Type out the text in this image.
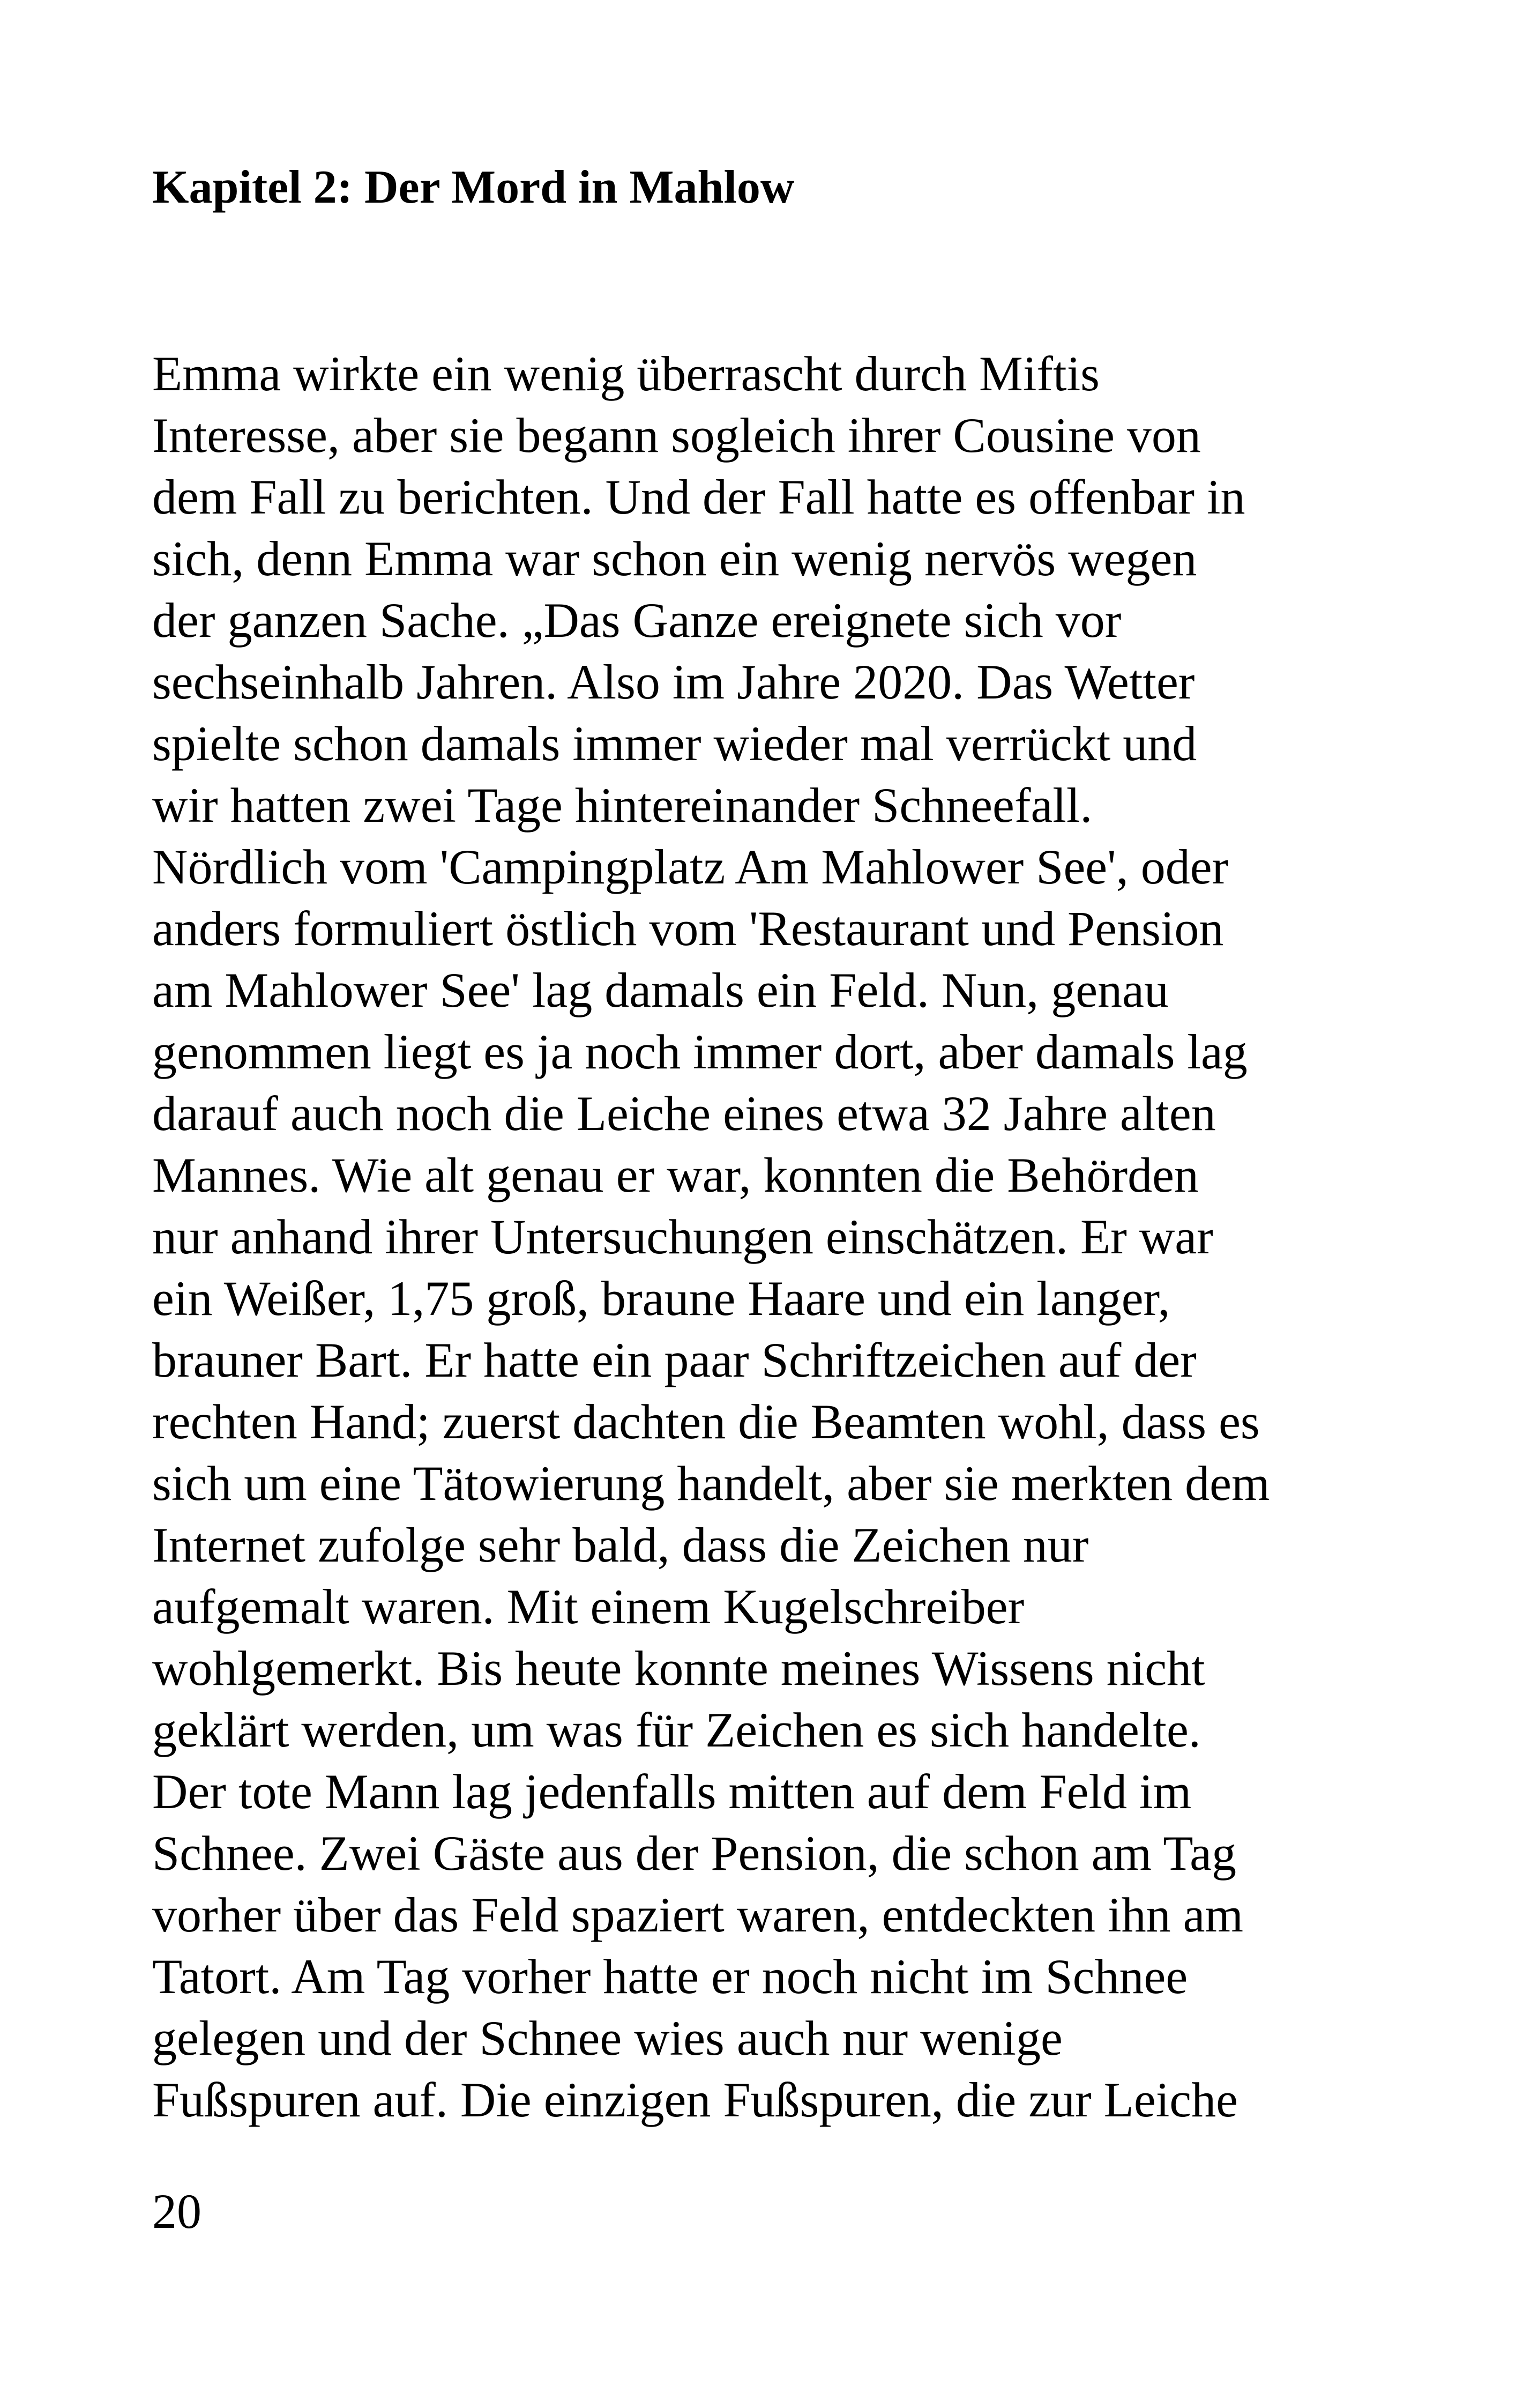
Kapitel 2: Der Mord in Mahlow
Emma wirkte ein wenig überrascht durch Miftis
Interesse, aber sie begann sogleich ihrer Cousine von
dem Fall zu berichten. Und der Fall hatte es offenbar in
sich, denn Emma war schon ein wenig nervös wegen
der ganzen Sache. „Das Ganze ereignete sich vor
sechseinhalb Jahren. Also im Jahre 2020. Das Wetter
spielte schon damals immer wieder mal verrückt und
wir hatten zwei Tage hintereinander Schneefall.
Nördlich vom 'Campingplatz Am Mahlower See', oder
anders formuliert östlich vom 'Restaurant und Pension
am Mahlower See' lag damals ein Feld. Nun, genau
genommen liegt es ja noch immer dort, aber damals lag
darauf auch noch die Leiche eines etwa 32 Jahre alten
Mannes. Wie alt genau er war, konnten die Behörden
nur anhand ihrer Untersuchungen einschätzen. Er war
ein Weißer, 1,75 groß, braune Haare und ein langer,
brauner Bart. Er hatte ein paar Schriftzeichen auf der
rechten Hand; zuerst dachten die Beamten wohl, dass es
sich um eine Tätowierung handelt, aber sie merkten dem
Internet zufolge sehr bald, dass die Zeichen nur
aufgemalt waren. Mit einem Kugelschreiber
wohlgemerkt. Bis heute konnte meines Wissens nicht
geklärt werden, um was für Zeichen es sich handelte.
Der tote Mann lag jedenfalls mitten auf dem Feld im
Schnee. Zwei Gäste aus der Pension, die schon am Tag
vorher über das Feld spaziert waren, entdeckten ihn am
Tatort. Am Tag vorher hatte er noch nicht im Schnee
gelegen und der Schnee wies auch nur wenige
Fußspuren auf. Die einzigen Fußspuren, die zur Leiche
20
